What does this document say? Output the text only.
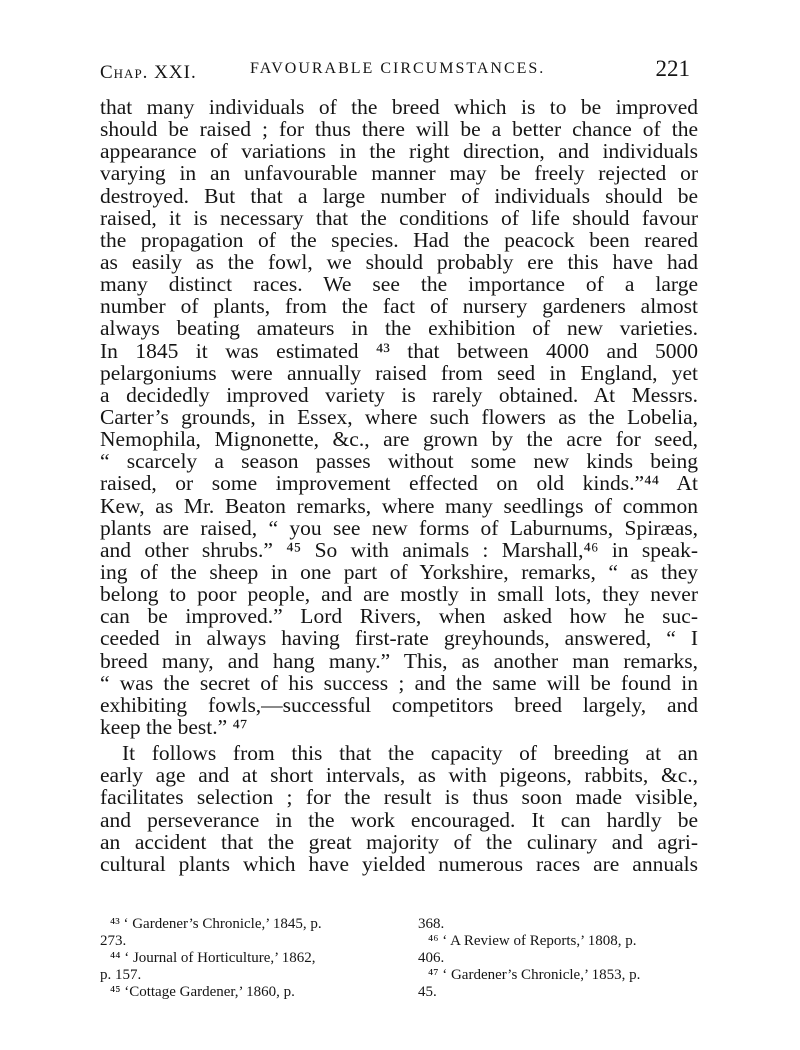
Chap. XXI.	FAVOURABLE CIRCUMSTANCES.	221
that many individuals of the breed which is to be improved
should be raised ; for thus there will be a better chance of the
appearance of variations in the right direction, and individuals
varying in an unfavourable manner may be freely rejected or
destroyed. But that a large number of individuals should be
raised, it is necessary that the conditions of life should favour
the propagation of the species. Had the peacock been reared
as easily as the fowl, we should probably ere this have had
many distinct races. We see the importance of a large
number of plants, from the fact of nursery gardeners almost
always beating amateurs in the exhibition of new varieties.
In 1845 it was estimated ⁴³ that between 4000 and 5000
pelargoniums were annually raised from seed in England, yet
a decidedly improved variety is rarely obtained. At Messrs.
Carter’s grounds, in Essex, where such flowers as the Lobelia,
Nemophila, Mignonette, &c., are grown by the acre for seed,
“ scarcely a season passes without some new kinds being
raised, or some improvement effected on old kinds.”⁴⁴ At
Kew, as Mr. Beaton remarks, where many seedlings of common
plants are raised, “ you see new forms of Laburnums, Spiræas,
and other shrubs.” ⁴⁵ So with animals : Marshall,⁴⁶ in speak-
ing of the sheep in one part of Yorkshire, remarks, “ as they
belong to poor people, and are mostly in small lots, they never
can be improved.” Lord Rivers, when asked how he suc-
ceeded in always having first-rate greyhounds, answered, “ I
breed many, and hang many.” This, as another man remarks,
“ was the secret of his success ; and the same will be found in
exhibiting fowls,—successful competitors breed largely, and
keep the best.” ⁴⁷
It follows from this that the capacity of breeding at an
early age and at short intervals, as with pigeons, rabbits, &c.,
facilitates selection ; for the result is thus soon made visible,
and perseverance in the work encouraged. It can hardly be
an accident that the great majority of the culinary and agri-
cultural plants which have yielded numerous races are annuals
⁴³ ‘ Gardener’s Chronicle,’ 1845, p.
273.
⁴⁴ ‘ Journal of Horticulture,’ 1862,
p. 157.
⁴⁵ ‘Cottage Gardener,’ 1860, p.
368.
⁴⁶ ‘ A Review of Reports,’ 1808, p.
406.
⁴⁷ ‘ Gardener’s Chronicle,’ 1853, p.
45.
